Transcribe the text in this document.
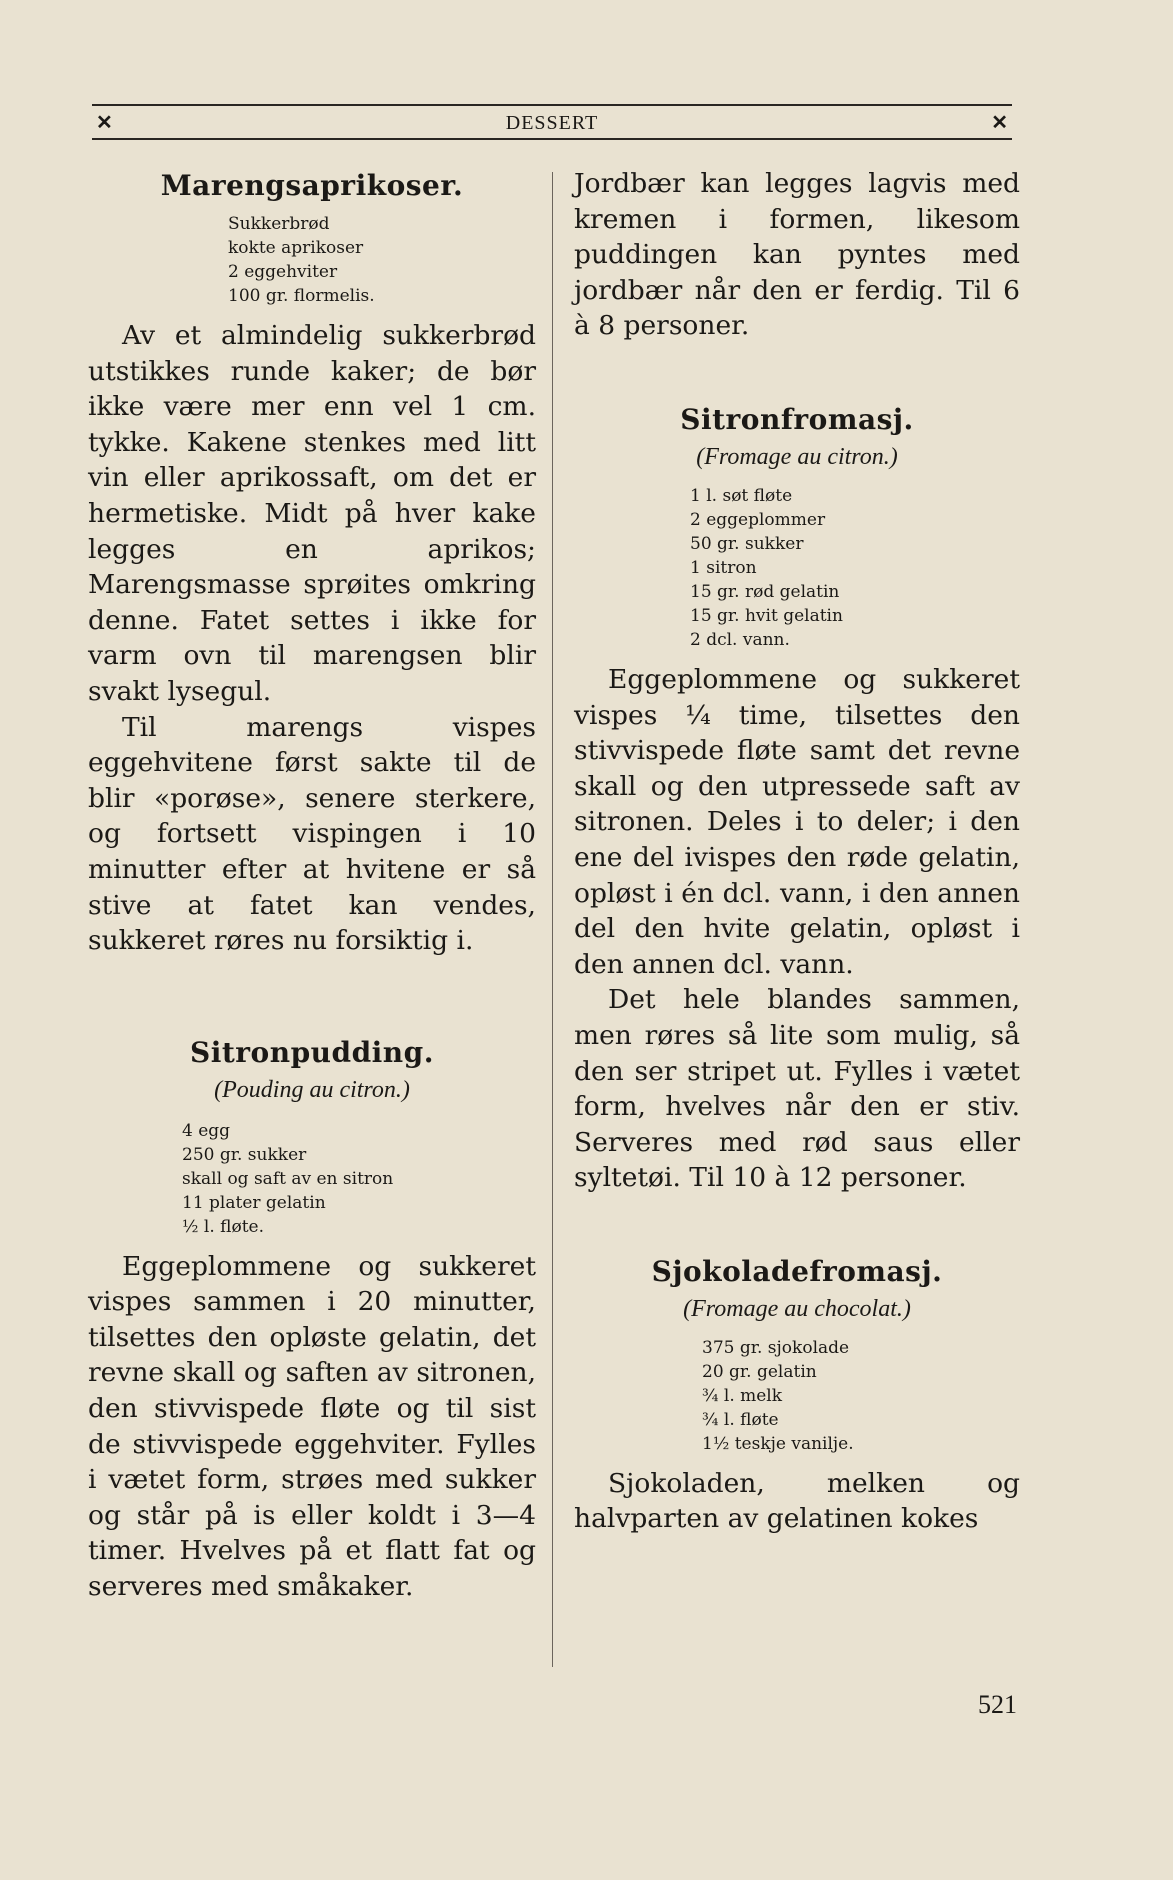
✕	DESSERT	✕
Marengsaprikoser.
Sukkerbrød
kokte aprikoser
2 eggehviter
100 gr. flormelis.

Av et almindelig sukkerbrød utstikkes runde kaker; de bør ikke være mer enn vel 1 cm. tykke. Kakene stenkes med litt vin eller aprikossaft, om det er hermetiske. Midt på hver kake legges en aprikos; Marengsmasse sprøites omkring denne. Fatet settes i ikke for varm ovn til marengsen blir svakt lysegul.

Til marengs vispes eggehvitene først sakte til de blir «porøse», senere sterkere, og fortsett vispingen i 10 minutter efter at hvitene er så stive at fatet kan vendes, sukkeret røres nu forsiktig i.

Sitronpudding.

(Pouding au citron.)

4 egg
250 gr. sukker
skall og saft av en sitron
11 plater gelatin
½ l. fløte.

Eggeplommene og sukkeret vispes sammen i 20 minutter, tilsettes den opløste gelatin, det revne skall og saften av sitronen, den stivvispede fløte og til sist de stivvispede eggehviter. Fylles i vætet form, strøes med sukker og står på is eller koldt i 3—4 timer. Hvelves på et flatt fat og serveres med småkaker.

Jordbær kan legges lagvis med kremen i formen, likesom puddingen kan pyntes med jordbær når den er ferdig. Til 6 à 8 personer.

Sitronfromasj.

(Fromage au citron.)

1 l. søt fløte
2 eggeplommer
50 gr. sukker
1 sitron
15 gr. rød gelatin
15 gr. hvit gelatin
2 dcl. vann.

Eggeplommene og sukkeret vispes ¼ time, tilsettes den stivvispede fløte samt det revne skall og den utpressede saft av sitronen. Deles i to deler; i den ene del ivispes den røde gelatin, opløst i én dcl. vann, i den annen del den hvite gelatin, opløst i den annen dcl. vann.

Det hele blandes sammen, men røres så lite som mulig, så den ser stripet ut. Fylles i vætet form, hvelves når den er stiv. Serveres med rød saus eller syltetøi. Til 10 à 12 personer.

Sjokoladefromasj.

(Fromage au chocolat.)

375 gr. sjokolade
20 gr. gelatin
¾ l. melk
¾ l. fløte
1½ teskje vanilje.

Sjokoladen, melken og halvparten av gelatinen kokes

521
